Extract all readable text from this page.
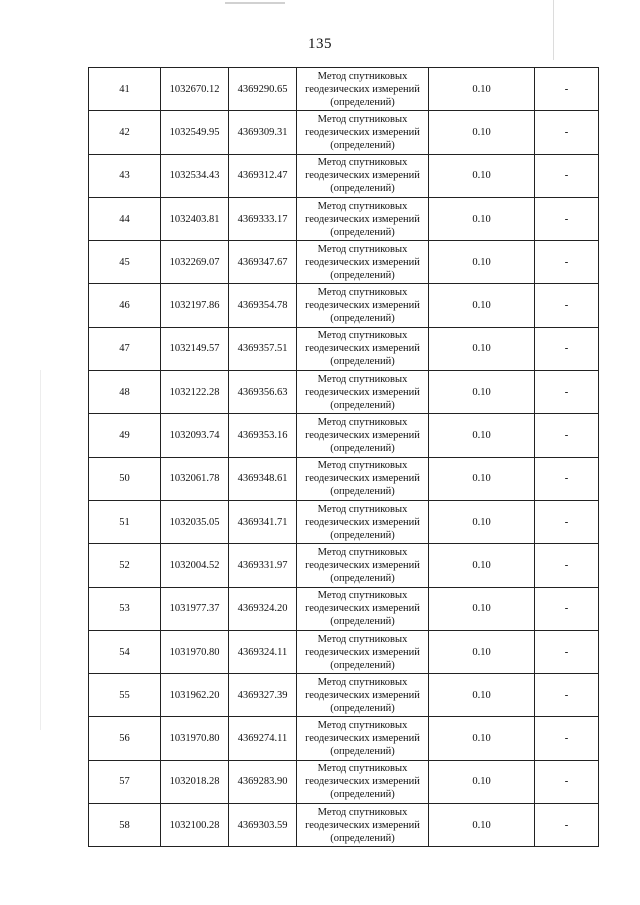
135
41	1032670.12	4369290.65	Метод спутниковых
геодезических измерений
(определений)	0.10	-
42	1032549.95	4369309.31	Метод спутниковых
геодезических измерений
(определений)	0.10	-
43	1032534.43	4369312.47	Метод спутниковых
геодезических измерений
(определений)	0.10	-
44	1032403.81	4369333.17	Метод спутниковых
геодезических измерений
(определений)	0.10	-
45	1032269.07	4369347.67	Метод спутниковых
геодезических измерений
(определений)	0.10	-
46	1032197.86	4369354.78	Метод спутниковых
геодезических измерений
(определений)	0.10	-
47	1032149.57	4369357.51	Метод спутниковых
геодезических измерений
(определений)	0.10	-
48	1032122.28	4369356.63	Метод спутниковых
геодезических измерений
(определений)	0.10	-
49	1032093.74	4369353.16	Метод спутниковых
геодезических измерений
(определений)	0.10	-
50	1032061.78	4369348.61	Метод спутниковых
геодезических измерений
(определений)	0.10	-
51	1032035.05	4369341.71	Метод спутниковых
геодезических измерений
(определений)	0.10	-
52	1032004.52	4369331.97	Метод спутниковых
геодезических измерений
(определений)	0.10	-
53	1031977.37	4369324.20	Метод спутниковых
геодезических измерений
(определений)	0.10	-
54	1031970.80	4369324.11	Метод спутниковых
геодезических измерений
(определений)	0.10	-
55	1031962.20	4369327.39	Метод спутниковых
геодезических измерений
(определений)	0.10	-
56	1031970.80	4369274.11	Метод спутниковых
геодезических измерений
(определений)	0.10	-
57	1032018.28	4369283.90	Метод спутниковых
геодезических измерений
(определений)	0.10	-
58	1032100.28	4369303.59	Метод спутниковых
геодезических измерений
(определений)	0.10	-
